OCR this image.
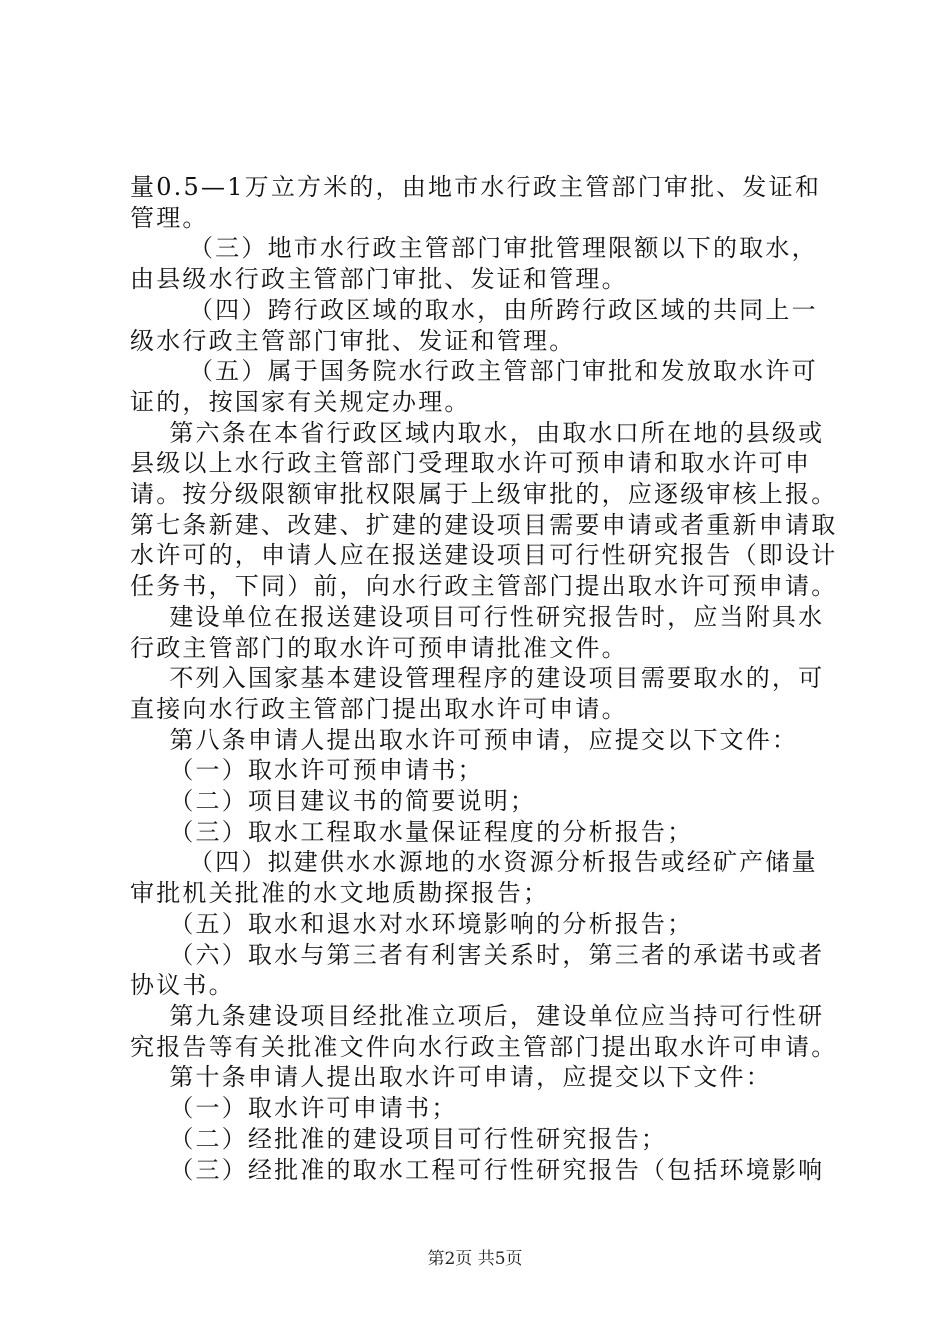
量0.5—1万立方米的，由地市水行政主管部门审批、发证和管理。

（三）地市水行政主管部门审批管理限额以下的取水，由县级水行政主管部门审批、发证和管理。

（四）跨行政区域的取水，由所跨行政区域的共同上一级水行政主管部门审批、发证和管理。

（五）属于国务院水行政主管部门审批和发放取水许可证的，按国家有关规定办理。

第六条在本省行政区域内取水，由取水口所在地的县级或县级以上水行政主管部门受理取水许可预申请和取水许可申请。按分级限额审批权限属于上级审批的，应逐级审核上报。第七条新建、改建、扩建的建设项目需要申请或者重新申请取水许可的，申请人应在报送建设项目可行性研究报告（即设计任务书，下同）前，向水行政主管部门提出取水许可预申请。

建设单位在报送建设项目可行性研究报告时，应当附具水行政主管部门的取水许可预申请批准文件。

不列入国家基本建设管理程序的建设项目需要取水的，可直接向水行政主管部门提出取水许可申请。

第八条申请人提出取水许可预申请，应提交以下文件：

（一）取水许可预申请书；

（二）项目建议书的简要说明；

（三）取水工程取水量保证程度的分析报告；

（四）拟建供水水源地的水资源分析报告或经矿产储量审批机关批准的水文地质勘探报告；

（五）取水和退水对水环境影响的分析报告；

（六）取水与第三者有利害关系时，第三者的承诺书或者协议书。

第九条建设项目经批准立项后，建设单位应当持可行性研究报告等有关批准文件向水行政主管部门提出取水许可申请。

第十条申请人提出取水许可申请，应提交以下文件：

（一）取水许可申请书；

（二）经批准的建设项目可行性研究报告；

（三）经批准的取水工程可行性研究报告（包括环境影响

第2页 共5页
